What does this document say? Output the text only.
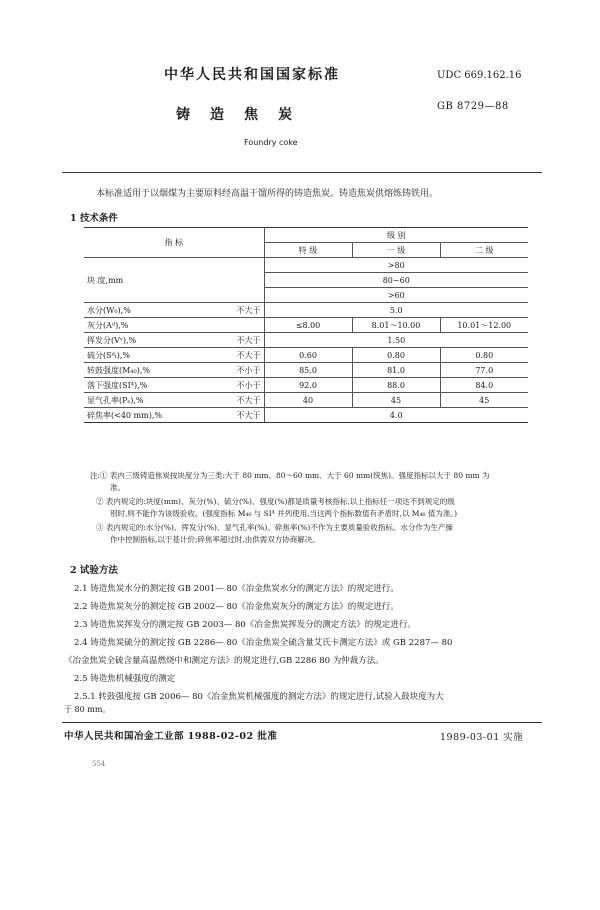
中华人民共和国国家标准	UDC 669.162.16
铸造焦炭
GB 8729—88
Foundry coke
本标准适用于以烟煤为主要原料经高温干馏所得的铸造焦炭。铸造焦炭供熔炼铸铁用。
1 技术条件
指 标	级 别		
	特 级	一 级	二 级
块 度,mm	>80		
	80~60		
	>60		

水分(W₀),% 不大于	5.0		

灰分(Aᵈ),%	≤8.00	8.01～10.00	10.01～12.00

挥发分(Vᵛ),% 不大于	1.50		

硫分(Sᵈₜ),% 不大于	0.60	0.80	0.80

转鼓强度(M₄₀),% 不小于	85.0	81.0	77.0

落下强度(SI⁴),% 不小于	92.0	88.0	84.0

显气孔率(Pₛ),% 不大于	40	45	45

碎焦率(<40 mm),% 不大于	4.0		
注:① 表内三级铸造焦炭按块度分为三类:大于 80 mm、80～60 mm、大于 60 mm(统焦)。强度指标以大于 80 mm 为
准。
② 表内规定的:块度(mm)、灰分(%)、硫分(%)、强度(%)都是质量考核指标,以上指标任一项达不到规定的级
别时,则不能作为该级验收。(强度指标 M₄₀ 与 SI⁴ 并列使用,当这两个指标数值有矛盾时,以 M₄₀ 值为准。)
③ 表内规定的:水分(%)、挥发分(%)、显气孔率(%)、碎焦率(%)不作为主要质量验收指标。水分作为生产操
作中控制指标,以干基计价;碎焦率超过时,由供需双方协商解决。
2 试验方法
2.1 铸造焦炭水分的测定按 GB 2001— 80《冶金焦炭水分的测定方法》的规定进行。
2.2 铸造焦炭灰分的测定按 GB 2002— 80《冶金焦炭灰分的测定方法》的规定进行。
2.3 铸造焦炭挥发分的测定按 GB 2003— 80《冶金焦炭挥发分的测定方法》的规定进行。
2.4 铸造焦炭硫分的测定按 GB 2286— 80《冶金焦炭全硫含量艾氏卡测定方法》或 GB 2287— 80
《冶金焦炭全硫含量高温燃烧中和测定方法》的规定进行,GB 2286 80 为仲裁方法。
2.5 铸造焦机械强度的测定
2.5.1 转鼓强度按 GB 2006— 80《冶金焦炭机械强度的测定方法》的规定进行,试验入鼓块度为大
于 80 mm。
中华人民共和国冶金工业部 1988-02-02 批准	1989-03-01 实施
554
